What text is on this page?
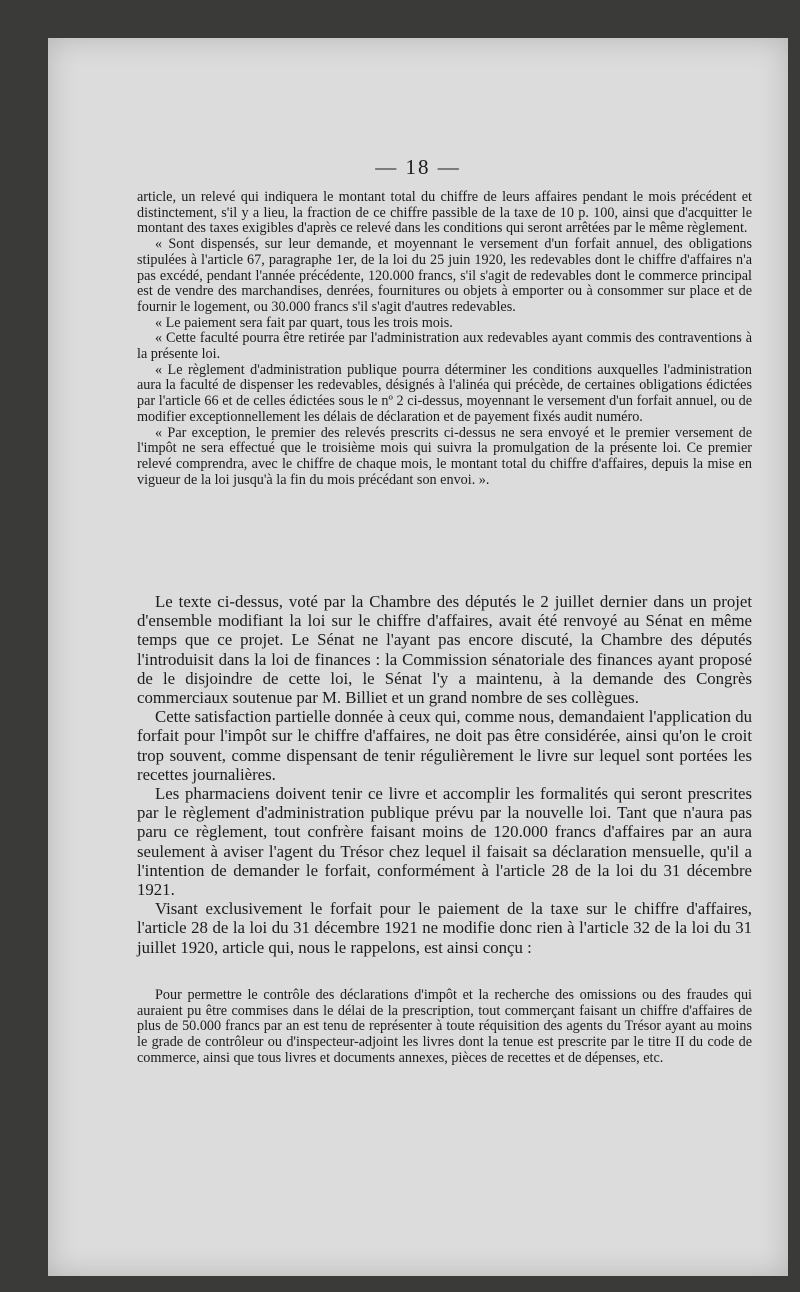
— 18 —

article, un relevé qui indiquera le montant total du chiffre de leurs affaires pendant le mois précédent et distinctement, s'il y a lieu, la fraction de ce chiffre passible de la taxe de 10 p. 100, ainsi que d'acquitter le montant des taxes exigibles d'après ce relevé dans les conditions qui seront arrêtées par le même règlement.

« Sont dispensés, sur leur demande, et moyennant le versement d'un forfait annuel, des obligations stipulées à l'article 67, paragraphe 1er, de la loi du 25 juin 1920, les redevables dont le chiffre d'affaires n'a pas excédé, pendant l'année précédente, 120.000 francs, s'il s'agit de redevables dont le commerce principal est de vendre des marchandises, denrées, fournitures ou objets à emporter ou à consommer sur place et de fournir le logement, ou 30.000 francs s'il s'agit d'autres redevables.

« Le paiement sera fait par quart, tous les trois mois.

« Cette faculté pourra être retirée par l'administration aux redevables ayant commis des contraventions à la présente loi.

« Le règlement d'administration publique pourra déterminer les conditions auxquelles l'administration aura la faculté de dispenser les redevables, désignés à l'alinéa qui précède, de certaines obligations édictées par l'article 66 et de celles édictées sous le nº 2 ci-dessus, moyennant le versement d'un forfait annuel, ou de modifier exceptionnellement les délais de déclaration et de payement fixés audit numéro.

« Par exception, le premier des relevés prescrits ci-dessus ne sera envoyé et le premier versement de l'impôt ne sera effectué que le troisième mois qui suivra la promulgation de la présente loi. Ce premier relevé comprendra, avec le chiffre de chaque mois, le montant total du chiffre d'affaires, depuis la mise en vigueur de la loi jusqu'à la fin du mois précédant son envoi. ».

Le texte ci-dessus, voté par la Chambre des députés le 2 juillet dernier dans un projet d'ensemble modifiant la loi sur le chiffre d'affaires, avait été renvoyé au Sénat en même temps que ce projet. Le Sénat ne l'ayant pas encore discuté, la Chambre des députés l'introduisit dans la loi de finances : la Commission sénatoriale des finances ayant proposé de le disjoindre de cette loi, le Sénat l'y a maintenu, à la demande des Congrès commerciaux soutenue par M. Billiet et un grand nombre de ses collègues.

Cette satisfaction partielle donnée à ceux qui, comme nous, demandaient l'application du forfait pour l'impôt sur le chiffre d'affaires, ne doit pas être considérée, ainsi qu'on le croit trop souvent, comme dispensant de tenir régulièrement le livre sur lequel sont portées les recettes journalières.

Les pharmaciens doivent tenir ce livre et accomplir les formalités qui seront prescrites par le règlement d'administration publique prévu par la nouvelle loi. Tant que n'aura pas paru ce règlement, tout confrère faisant moins de 120.000 francs d'affaires par an aura seulement à aviser l'agent du Trésor chez lequel il faisait sa déclaration mensuelle, qu'il a l'intention de demander le forfait, conformément à l'article 28 de la loi du 31 décembre 1921.

Visant exclusivement le forfait pour le paiement de la taxe sur le chiffre d'affaires, l'article 28 de la loi du 31 décembre 1921 ne modifie donc rien à l'article 32 de la loi du 31 juillet 1920, article qui, nous le rappelons, est ainsi conçu :

Pour permettre le contrôle des déclarations d'impôt et la recherche des omissions ou des fraudes qui auraient pu être commises dans le délai de la prescription, tout commerçant faisant un chiffre d'affaires de plus de 50.000 francs par an est tenu de représenter à toute réquisition des agents du Trésor ayant au moins le grade de contrôleur ou d'inspecteur-adjoint les livres dont la tenue est prescrite par le titre II du code de commerce, ainsi que tous livres et documents annexes, pièces de recettes et de dépenses, etc.
